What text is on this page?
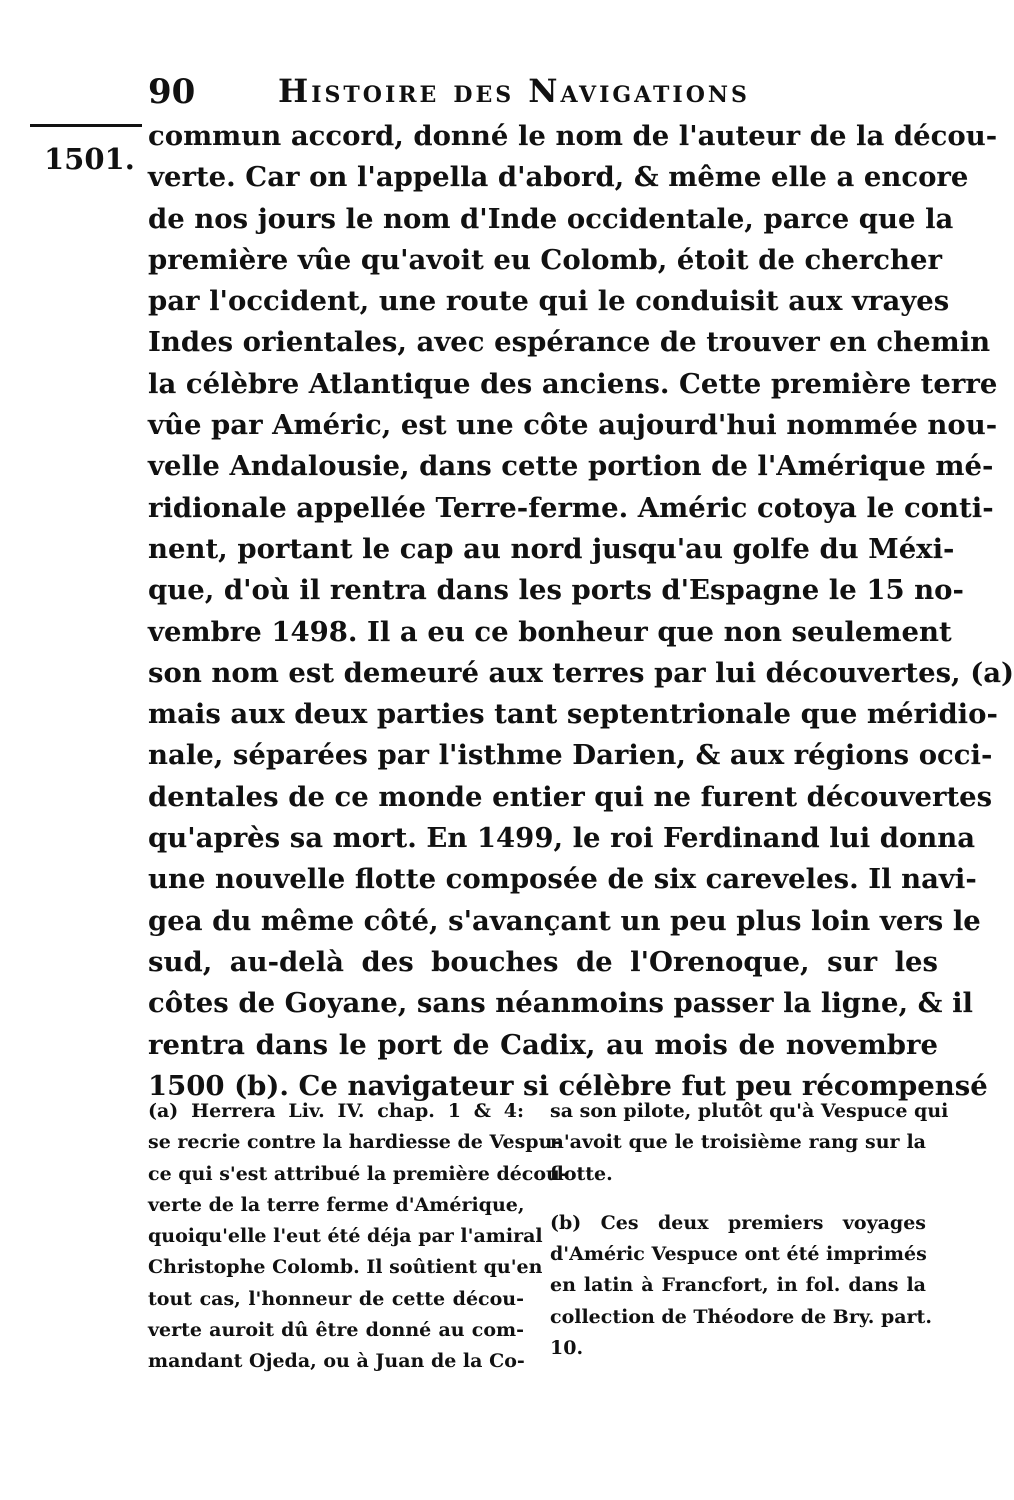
90	Histoire des Navigations
1501.
commun accord, donné le nom de l'auteur de la décou-
verte. Car on l'appella d'abord, & même elle a encore
de nos jours le nom d'Inde occidentale, parce que la
première vûe qu'avoit eu Colomb, étoit de chercher
par l'occident, une route qui le conduisit aux vrayes
Indes orientales, avec espérance de trouver en chemin
la célèbre Atlantique des anciens. Cette première terre
vûe par Améric, est une côte aujourd'hui nommée nou-
velle Andalousie, dans cette portion de l'Amérique mé-
ridionale appellée Terre-ferme. Améric cotoya le conti-
nent, portant le cap au nord jusqu'au golfe du Méxi-
que, d'où il rentra dans les ports d'Espagne le 15 no-
vembre 1498. Il a eu ce bonheur que non seulement
son nom est demeuré aux terres par lui découvertes, (a)
mais aux deux parties tant septentrionale que méridio-
nale, séparées par l'isthme Darien, & aux régions occi-
dentales de ce monde entier qui ne furent découvertes
qu'après sa mort. En 1499, le roi Ferdinand lui donna
une nouvelle flotte composée de six careveles. Il navi-
gea du même côté, s'avançant un peu plus loin vers le
sud, au-delà des bouches de l'Orenoque, sur les
côtes de Goyane, sans néanmoins passer la ligne, & il
rentra dans le port de Cadix, au mois de novembre
1500 (b). Ce navigateur si célèbre fut peu récompensé
(a) Herrera Liv. IV. chap. 1 & 4:
se recrie contre la hardiesse de Vespu-
ce qui s'est attribué la première décou-
verte de la terre ferme d'Amérique,
quoiqu'elle l'eut été déja par l'amiral
Christophe Colomb. Il soûtient qu'en
tout cas, l'honneur de cette décou-
verte auroit dû être donné au com-
mandant Ojeda, ou à Juan de la Co-
sa son pilote, plutôt qu'à Vespuce qui
n'avoit que le troisième rang sur la
flotte.
(b) Ces deux premiers voyages
d'Améric Vespuce ont été imprimés
en latin à Francfort, in fol. dans la
collection de Théodore de Bry. part.
10.
